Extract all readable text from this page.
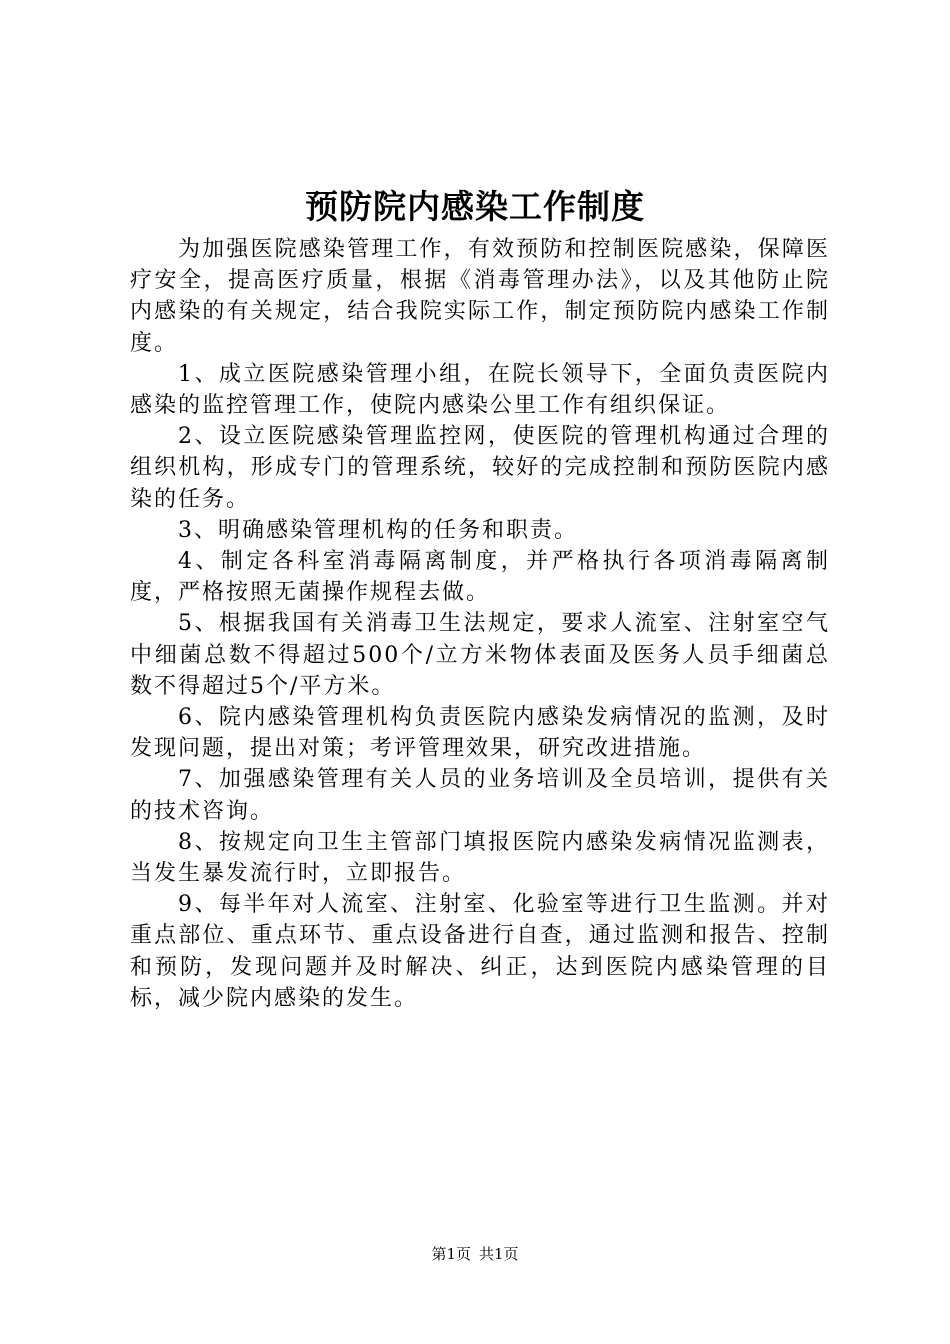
预防院内感染工作制度

为加强医院感染管理工作，有效预防和控制医院感染，保障医疗安全，提高医疗质量，根据《消毒管理办法》，以及其他防止院内感染的有关规定，结合我院实际工作，制定预防院内感染工作制度。

1、成立医院感染管理小组，在院长领导下，全面负责医院内感染的监控管理工作，使院内感染公里工作有组织保证。

2、设立医院感染管理监控网，使医院的管理机构通过合理的组织机构，形成专门的管理系统，较好的完成控制和预防医院内感染的任务。

3、明确感染管理机构的任务和职责。

4、制定各科室消毒隔离制度，并严格执行各项消毒隔离制度，严格按照无菌操作规程去做。

5、根据我国有关消毒卫生法规定，要求人流室、注射室空气中细菌总数不得超过500个/立方米物体表面及医务人员手细菌总数不得超过5个/平方米。

6、院内感染管理机构负责医院内感染发病情况的监测，及时发现问题，提出对策；考评管理效果，研究改进措施。

7、加强感染管理有关人员的业务培训及全员培训，提供有关的技术咨询。

8、按规定向卫生主管部门填报医院内感染发病情况监测表，当发生暴发流行时，立即报告。

9、每半年对人流室、注射室、化验室等进行卫生监测。并对重点部位、重点环节、重点设备进行自查，通过监测和报告、控制和预防，发现问题并及时解决、纠正，达到医院内感染管理的目标，减少院内感染的发生。

第1页 共1页
